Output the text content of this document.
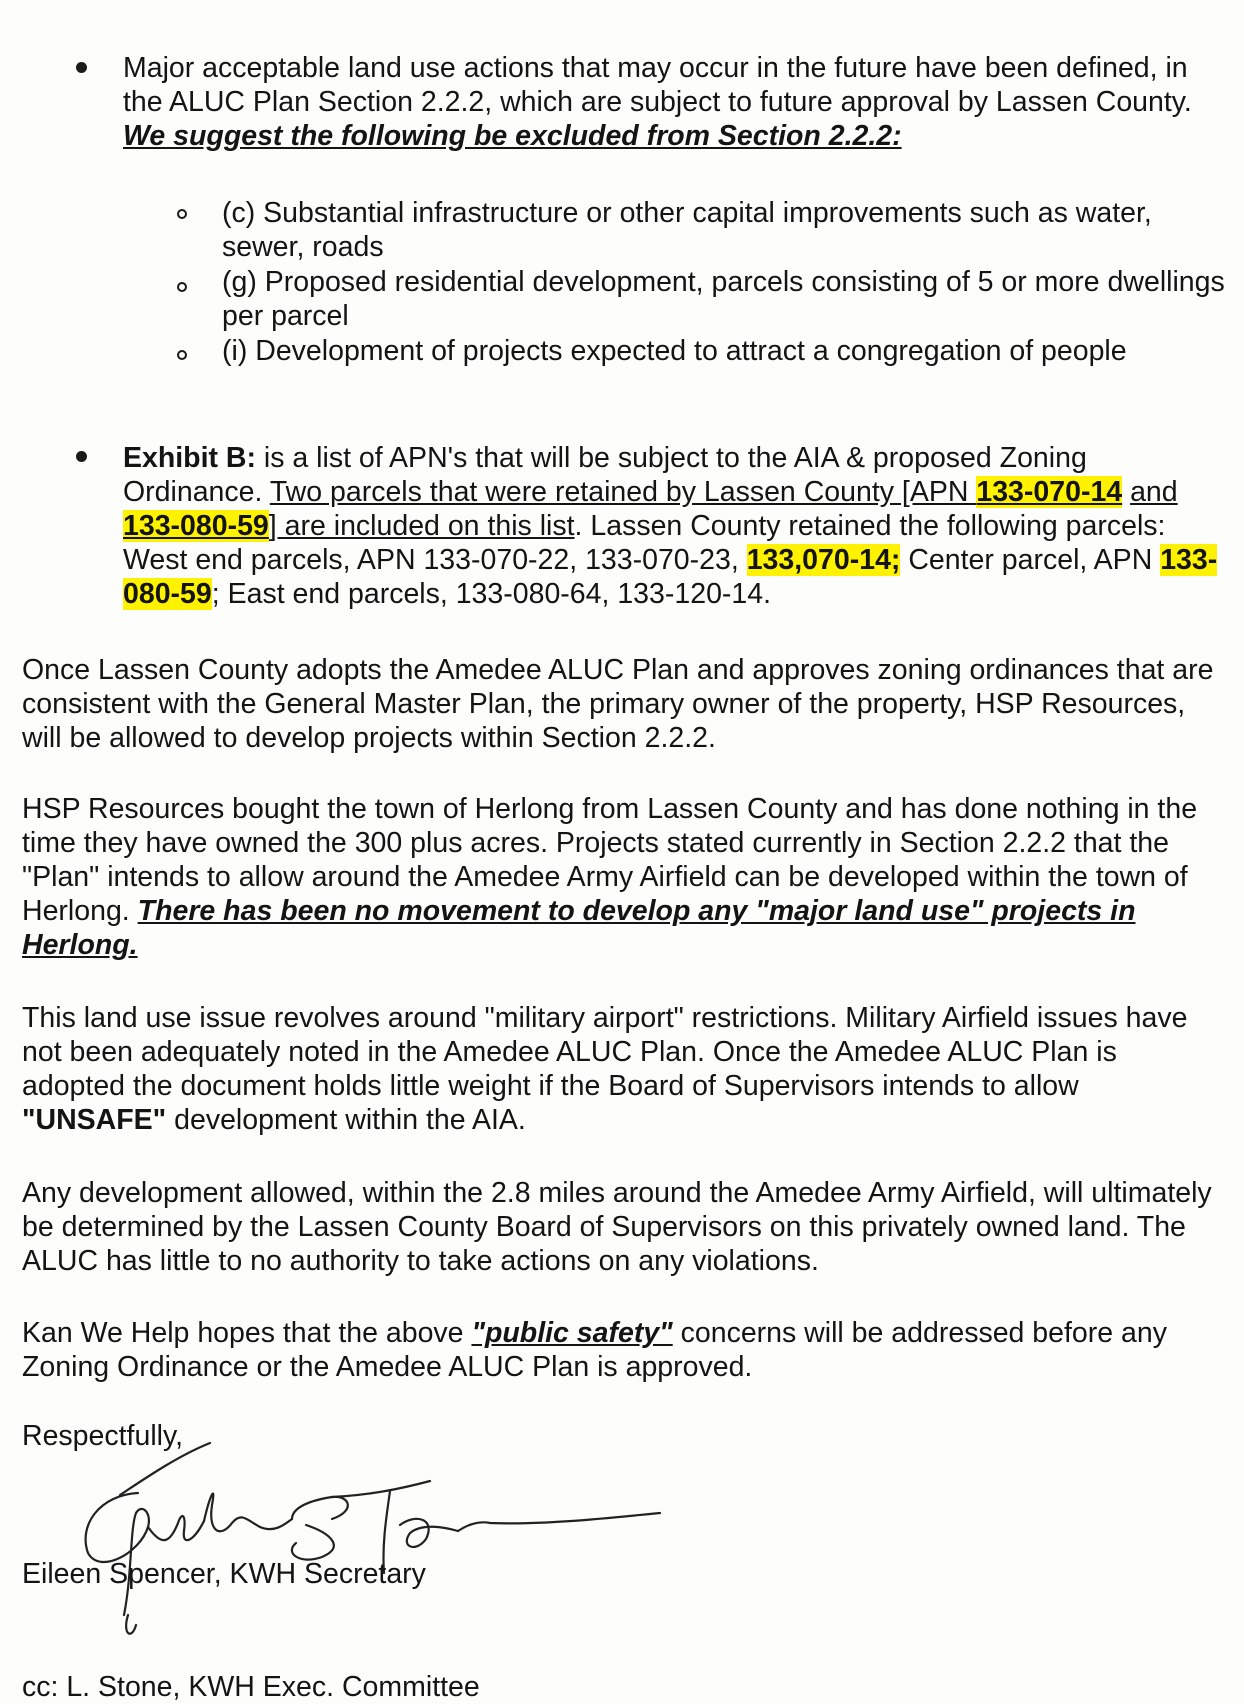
Major acceptable land use actions that may occur in the future have been defined, in the ALUC Plan Section 2.2.2, which are subject to future approval by Lassen County. We suggest the following be excluded from Section 2.2.2:

(c) Substantial infrastructure or other capital improvements such as water, sewer, roads

(g) Proposed residential development, parcels consisting of 5 or more dwellings per parcel

(i) Development of projects expected to attract a congregation of people

Exhibit B: is a list of APN's that will be subject to the AIA & proposed Zoning Ordinance. Two parcels that were retained by Lassen County [APN 133-070-14 and 133-080-59] are included on this list. Lassen County retained the following parcels: West end parcels, APN 133-070-22, 133-070-23, 133,070-14; Center parcel, APN 133-080-59; East end parcels, 133-080-64, 133-120-14.

Once Lassen County adopts the Amedee ALUC Plan and approves zoning ordinances that are consistent with the General Master Plan, the primary owner of the property, HSP Resources, will be allowed to develop projects within Section 2.2.2.

HSP Resources bought the town of Herlong from Lassen County and has done nothing in the time they have owned the 300 plus acres. Projects stated currently in Section 2.2.2 that the "Plan" intends to allow around the Amedee Army Airfield can be developed within the town of Herlong. There has been no movement to develop any "major land use" projects in Herlong.

This land use issue revolves around "military airport" restrictions. Military Airfield issues have not been adequately noted in the Amedee ALUC Plan. Once the Amedee ALUC Plan is adopted the document holds little weight if the Board of Supervisors intends to allow "UNSAFE" development within the AIA.

Any development allowed, within the 2.8 miles around the Amedee Army Airfield, will ultimately be determined by the Lassen County Board of Supervisors on this privately owned land. The ALUC has little to no authority to take actions on any violations.

Kan We Help hopes that the above "public safety" concerns will be addressed before any Zoning Ordinance or the Amedee ALUC Plan is approved.

Respectfully,

Eileen Spencer, KWH Secretary

cc: L. Stone, KWH Exec. Committee
